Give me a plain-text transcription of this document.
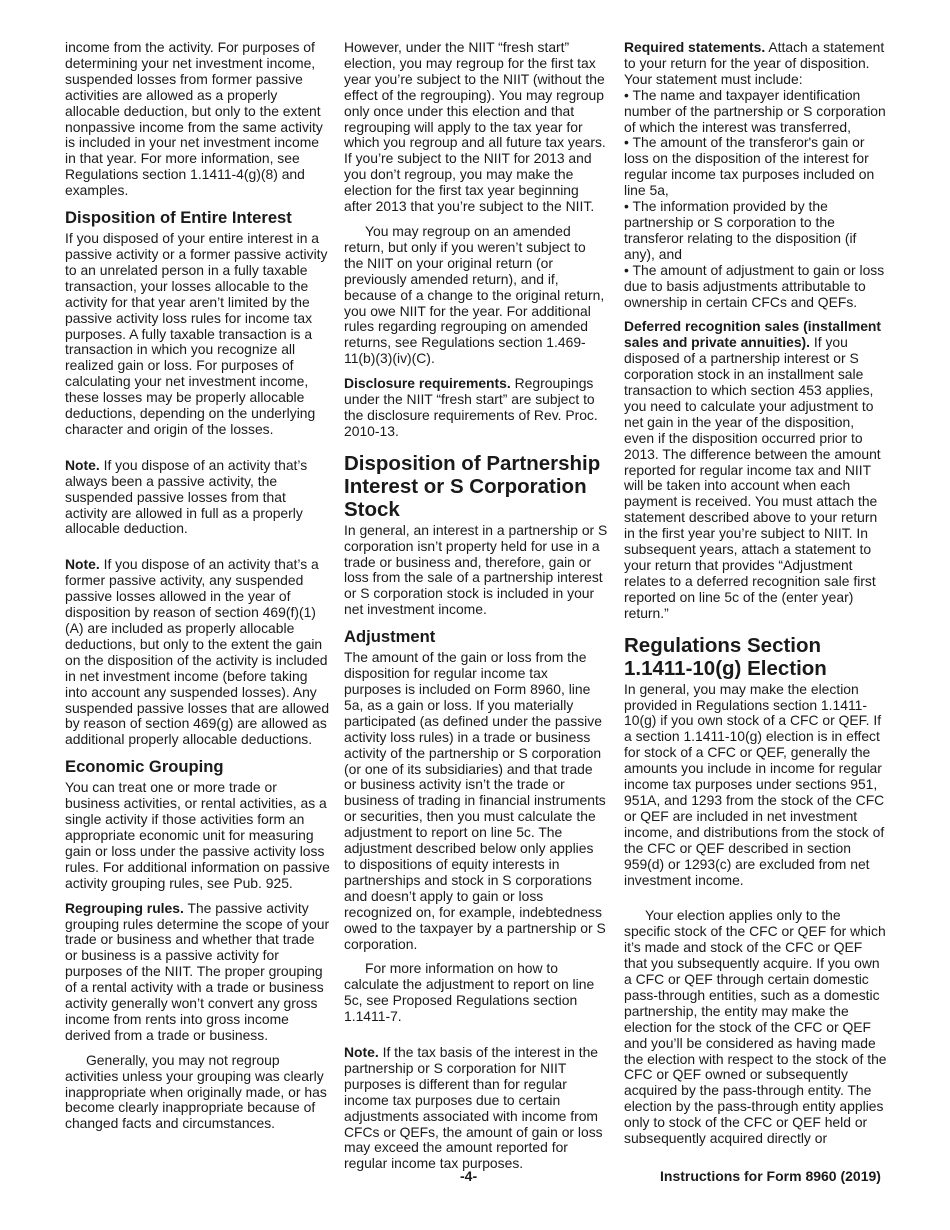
income from the activity. For purposes of determining your net investment income, suspended losses from former passive activities are allowed as a properly allocable deduction, but only to the extent nonpassive income from the same activity is included in your net investment income in that year. For more information, see Regulations section 1.1411-4(g)(8) and examples.

Disposition of Entire Interest

If you disposed of your entire interest in a passive activity or a former passive activity to an unrelated person in a fully taxable transaction, your losses allocable to the activity for that year aren’t limited by the passive activity loss rules for income tax purposes. A fully taxable transaction is a transaction in which you recognize all realized gain or loss. For purposes of calculating your net investment income, these losses may be properly allocable deductions, depending on the underlying character and origin of the losses.

Note. If you dispose of an activity that’s always been a passive activity, the suspended passive losses from that activity are allowed in full as a properly allocable deduction.

Note. If you dispose of an activity that’s a former passive activity, any suspended passive losses allowed in the year of disposition by reason of section 469(f)(1)(A) are included as properly allocable deductions, but only to the extent the gain on the disposition of the activity is included in net investment income (before taking into account any suspended losses). Any suspended passive losses that are allowed by reason of section 469(g) are allowed as additional properly allocable deductions.

Economic Grouping

You can treat one or more trade or business activities, or rental activities, as a single activity if those activities form an appropriate economic unit for measuring gain or loss under the passive activity loss rules. For additional information on passive activity grouping rules, see Pub. 925.

Regrouping rules. The passive activity grouping rules determine the scope of your trade or business and whether that trade or business is a passive activity for purposes of the NIIT. The proper grouping of a rental activity with a trade or business activity generally won’t convert any gross income from rents into gross income derived from a trade or business.

Generally, you may not regroup activities unless your grouping was clearly inappropriate when originally made, or has become clearly inappropriate because of changed facts and circumstances.

However, under the NIIT “fresh start” election, you may regroup for the first tax year you’re subject to the NIIT (without the effect of the regrouping). You may regroup only once under this election and that regrouping will apply to the tax year for which you regroup and all future tax years. If you’re subject to the NIIT for 2013 and you don’t regroup, you may make the election for the first tax year beginning after 2013 that you’re subject to the NIIT.

You may regroup on an amended return, but only if you weren’t subject to the NIIT on your original return (or previously amended return), and if, because of a change to the original return, you owe NIIT for the year. For additional rules regarding regrouping on amended returns, see Regulations section 1.469-11(b)(3)(iv)(C).

Disclosure requirements. Regroupings under the NIIT “fresh start” are subject to the disclosure requirements of Rev. Proc. 2010-13.

Disposition of Partnership Interest or S Corporation Stock

In general, an interest in a partnership or S corporation isn’t property held for use in a trade or business and, therefore, gain or loss from the sale of a partnership interest or S corporation stock is included in your net investment income.

Adjustment

The amount of the gain or loss from the disposition for regular income tax purposes is included on Form 8960, line 5a, as a gain or loss. If you materially participated (as defined under the passive activity loss rules) in a trade or business activity of the partnership or S corporation (or one of its subsidiaries) and that trade or business activity isn’t the trade or business of trading in financial instruments or securities, then you must calculate the adjustment to report on line 5c. The adjustment described below only applies to dispositions of equity interests in partnerships and stock in S corporations and doesn’t apply to gain or loss recognized on, for example, indebtedness owed to the taxpayer by a partnership or S corporation.

For more information on how to calculate the adjustment to report on line 5c, see Proposed Regulations section 1.1411-7.

Note. If the tax basis of the interest in the partnership or S corporation for NIIT purposes is different than for regular income tax purposes due to certain adjustments associated with income from CFCs or QEFs, the amount of gain or loss may exceed the amount reported for regular income tax purposes.

Required statements. Attach a statement to your return for the year of disposition. Your statement must include:

• The name and taxpayer identification number of the partnership or S corporation of which the interest was transferred,

• The amount of the transferor's gain or loss on the disposition of the interest for regular income tax purposes included on line 5a,

• The information provided by the partnership or S corporation to the transferor relating to the disposition (if any), and

• The amount of adjustment to gain or loss due to basis adjustments attributable to ownership in certain CFCs and QEFs.

Deferred recognition sales (installment sales and private annuities). If you disposed of a partnership interest or S corporation stock in an installment sale transaction to which section 453 applies, you need to calculate your adjustment to net gain in the year of the disposition, even if the disposition occurred prior to 2013. The difference between the amount reported for regular income tax and NIIT will be taken into account when each payment is received. You must attach the statement described above to your return in the first year you’re subject to NIIT. In subsequent years, attach a statement to your return that provides “Adjustment relates to a deferred recognition sale first reported on line 5c of the (enter year) return.”

Regulations Section 1.1411-10(g) Election

In general, you may make the election provided in Regulations section 1.1411-10(g) if you own stock of a CFC or QEF. If a section 1.1411-10(g) election is in effect for stock of a CFC or QEF, generally the amounts you include in income for regular income tax purposes under sections 951, 951A, and 1293 from the stock of the CFC or QEF are included in net investment income, and distributions from the stock of the CFC or QEF described in section 959(d) or 1293(c) are excluded from net investment income.

Your election applies only to the specific stock of the CFC or QEF for which it’s made and stock of the CFC or QEF that you subsequently acquire. If you own a CFC or QEF through certain domestic pass-through entities, such as a domestic partnership, the entity may make the election for the stock of the CFC or QEF and you’ll be considered as having made the election with respect to the stock of the CFC or QEF owned or subsequently acquired by the pass-through entity. The election by the pass-through entity applies only to stock of the CFC or QEF held or subsequently acquired directly or

-4-	Instructions for Form 8960 (2019)
